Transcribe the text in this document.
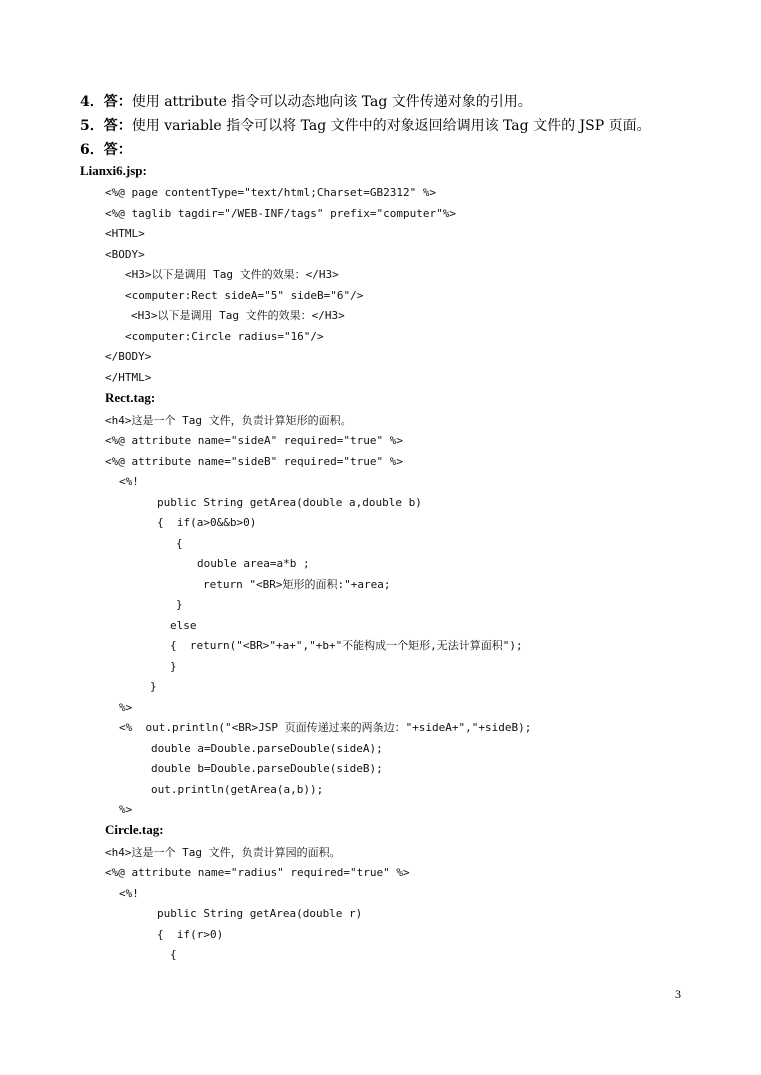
4．答：使用 attribute 指令可以动态地向该 Tag 文件传递对象的引用。
5．答：使用 variable 指令可以将 Tag 文件中的对象返回给调用该 Tag 文件的 JSP 页面。
6．答：
Lianxi6.jsp:
<%@ page contentType="text/html;Charset=GB2312" %>
<%@ taglib tagdir="/WEB-INF/tags" prefix="computer"%>
<HTML>
<BODY>
<H3>以下是调用 Tag 文件的效果：</H3>
<computer:Rect sideA="5" sideB="6"/>
<H3>以下是调用 Tag 文件的效果：</H3>
<computer:Circle radius="16"/>
</BODY>
</HTML>
Rect.tag:
<h4>这是一个 Tag 文件，负责计算矩形的面积。
<%@ attribute name="sideA" required="true" %>
<%@ attribute name="sideB" required="true" %>
<%!
public String getArea(double a,double b)
{  if(a>0&&b>0)
{
double area=a*b ;
return "<BR>矩形的面积:"+area;
}
else
{  return("<BR>"+a+","+b+"不能构成一个矩形,无法计算面积");
}
}
%>
<%  out.println("<BR>JSP 页面传递过来的两条边："+sideA+","+sideB);
double a=Double.parseDouble(sideA);
double b=Double.parseDouble(sideB);
out.println(getArea(a,b));
%>
Circle.tag:
<h4>这是一个 Tag 文件，负责计算园的面积。
<%@ attribute name="radius" required="true" %>
<%!
public String getArea(double r)
{  if(r>0)
{
3
